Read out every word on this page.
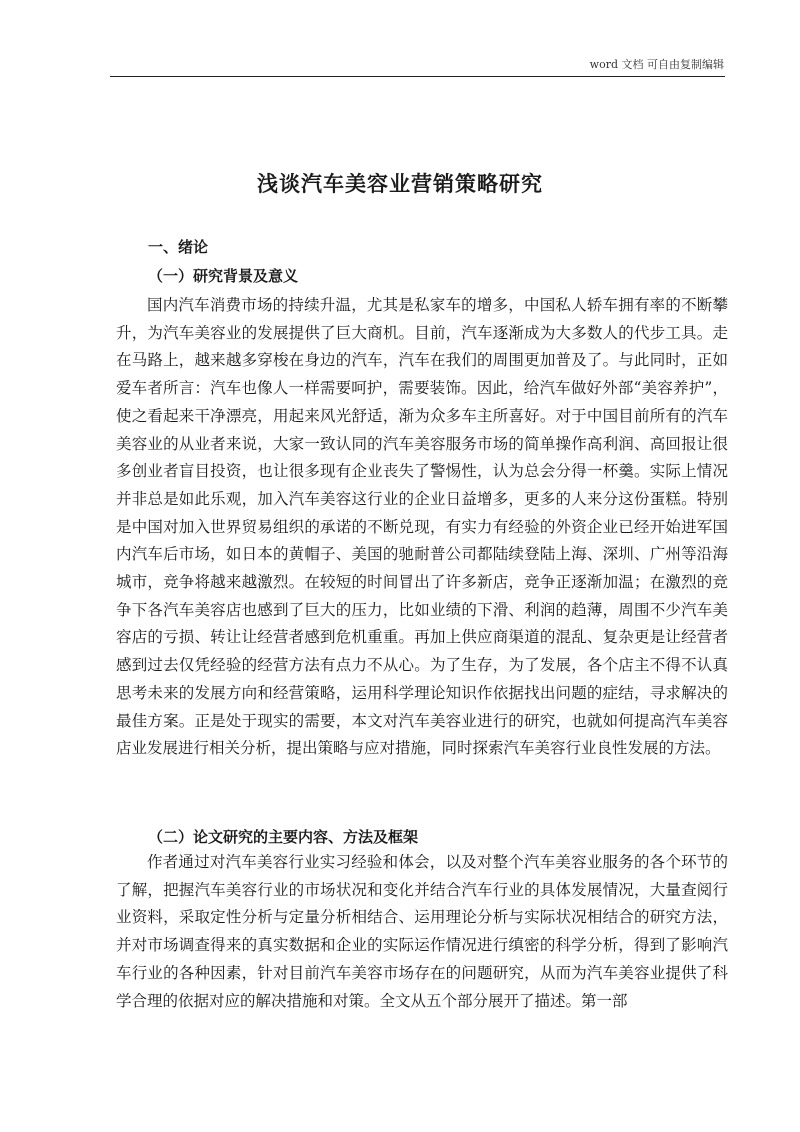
word 文档 可自由复制编辑
浅谈汽车美容业营销策略研究
一、绪论
（一）研究背景及意义

国内汽车消费市场的持续升温，尤其是私家车的增多，中国私人轿车拥有率的不断攀升，为汽车美容业的发展提供了巨大商机。目前，汽车逐渐成为大多数人的代步工具。走在马路上，越来越多穿梭在身边的汽车，汽车在我们的周围更加普及了。与此同时，正如爱车者所言：汽车也像人一样需要呵护，需要装饰。因此，给汽车做好外部“美容养护”，使之看起来干净漂亮，用起来风光舒适，渐为众多车主所喜好。对于中国目前所有的汽车美容业的从业者来说，大家一致认同的汽车美容服务市场的简单操作高利润、高回报让很多创业者盲目投资，也让很多现有企业丧失了警惕性，认为总会分得一杯羹。实际上情况并非总是如此乐观，加入汽车美容这行业的企业日益增多，更多的人来分这份蛋糕。特别是中国对加入世界贸易组织的承诺的不断兑现，有实力有经验的外资企业已经开始进军国内汽车后市场，如日本的黄帽子、美国的驰耐普公司都陆续登陆上海、深圳、广州等沿海城市，竞争将越来越激烈。在较短的时间冒出了许多新店，竞争正逐渐加温；在激烈的竞争下各汽车美容店也感到了巨大的压力，比如业绩的下滑、利润的趋薄，周围不少汽车美容店的亏损、转让让经营者感到危机重重。再加上供应商渠道的混乱、复杂更是让经营者感到过去仅凭经验的经营方法有点力不从心。为了生存，为了发展，各个店主不得不认真思考未来的发展方向和经营策略，运用科学理论知识作依据找出问题的症结，寻求解决的最佳方案。正是处于现实的需要，本文对汽车美容业进行的研究，也就如何提高汽车美容店业发展进行相关分析，提出策略与应对措施，同时探索汽车美容行业良性发展的方法。

（二）论文研究的主要内容、方法及框架

作者通过对汽车美容行业实习经验和体会，以及对整个汽车美容业服务的各个环节的了解，把握汽车美容行业的市场状况和变化并结合汽车行业的具体发展情况，大量查阅行业资料，采取定性分析与定量分析相结合、运用理论分析与实际状况相结合的研究方法，并对市场调查得来的真实数据和企业的实际运作情况进行缜密的科学分析，得到了影响汽车行业的各种因素，针对目前汽车美容市场存在的问题研究，从而为汽车美容业提供了科学合理的依据对应的解决措施和对策。全文从五个部分展开了描述。第一部
